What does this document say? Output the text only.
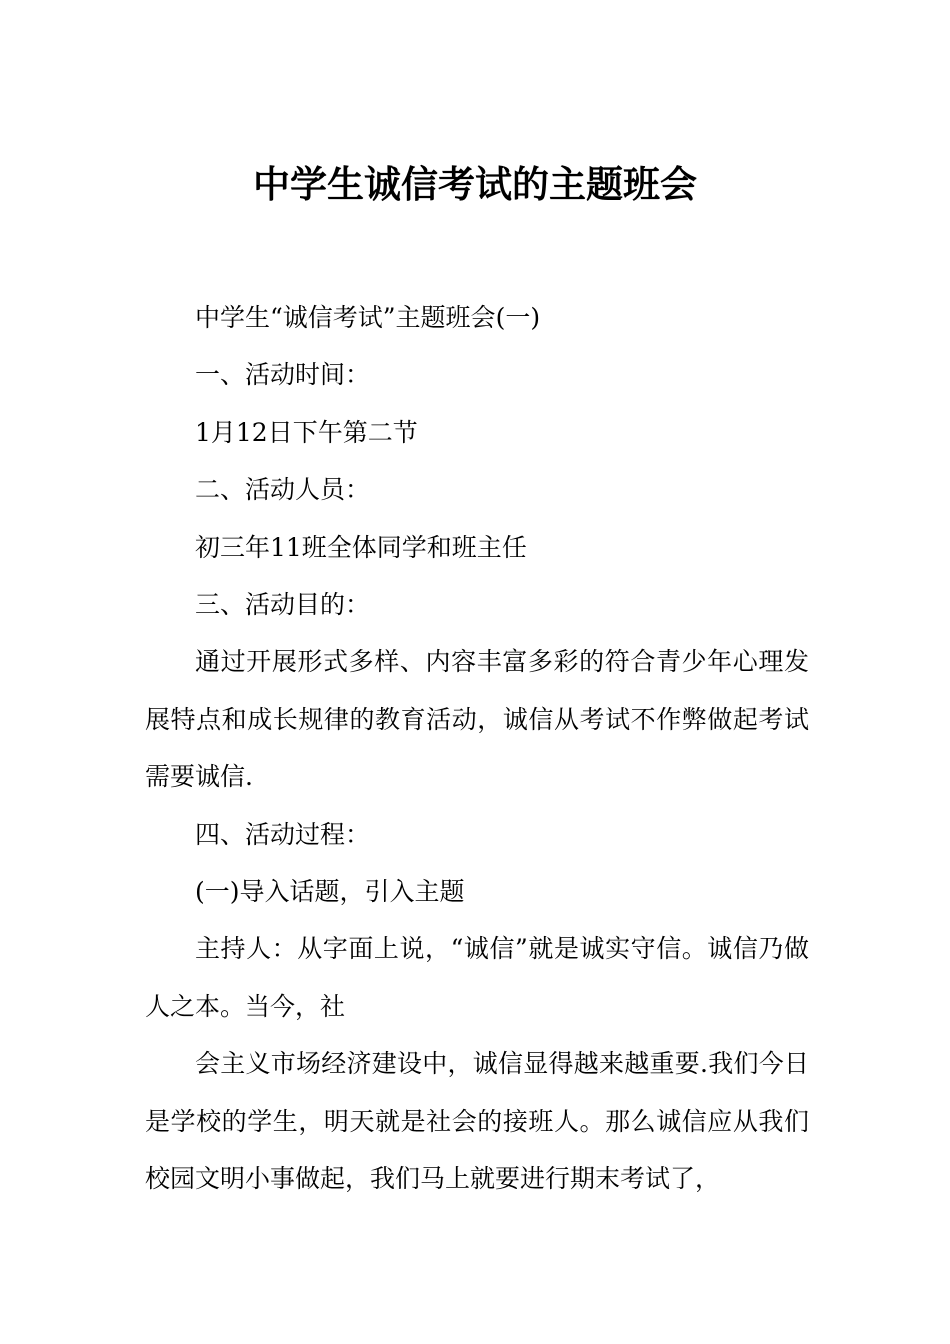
中学生诚信考试的主题班会

中学生“诚信考试”主题班会(一)

一、活动时间：

1月12日下午第二节

二、活动人员：

初三年11班全体同学和班主任

三、活动目的：

通过开展形式多样、内容丰富多彩的符合青少年心理发展特点和成长规律的教育活动，诚信从考试不作弊做起考试需要诚信.

四、活动过程：

(一)导入话题，引入主题

主持人：从字面上说，“诚信”就是诚实守信。诚信乃做人之本。当今，社

会主义市场经济建设中，诚信显得越来越重要.我们今日是学校的学生，明天就是社会的接班人。那么诚信应从我们校园文明小事做起，我们马上就要进行期末考试了，
